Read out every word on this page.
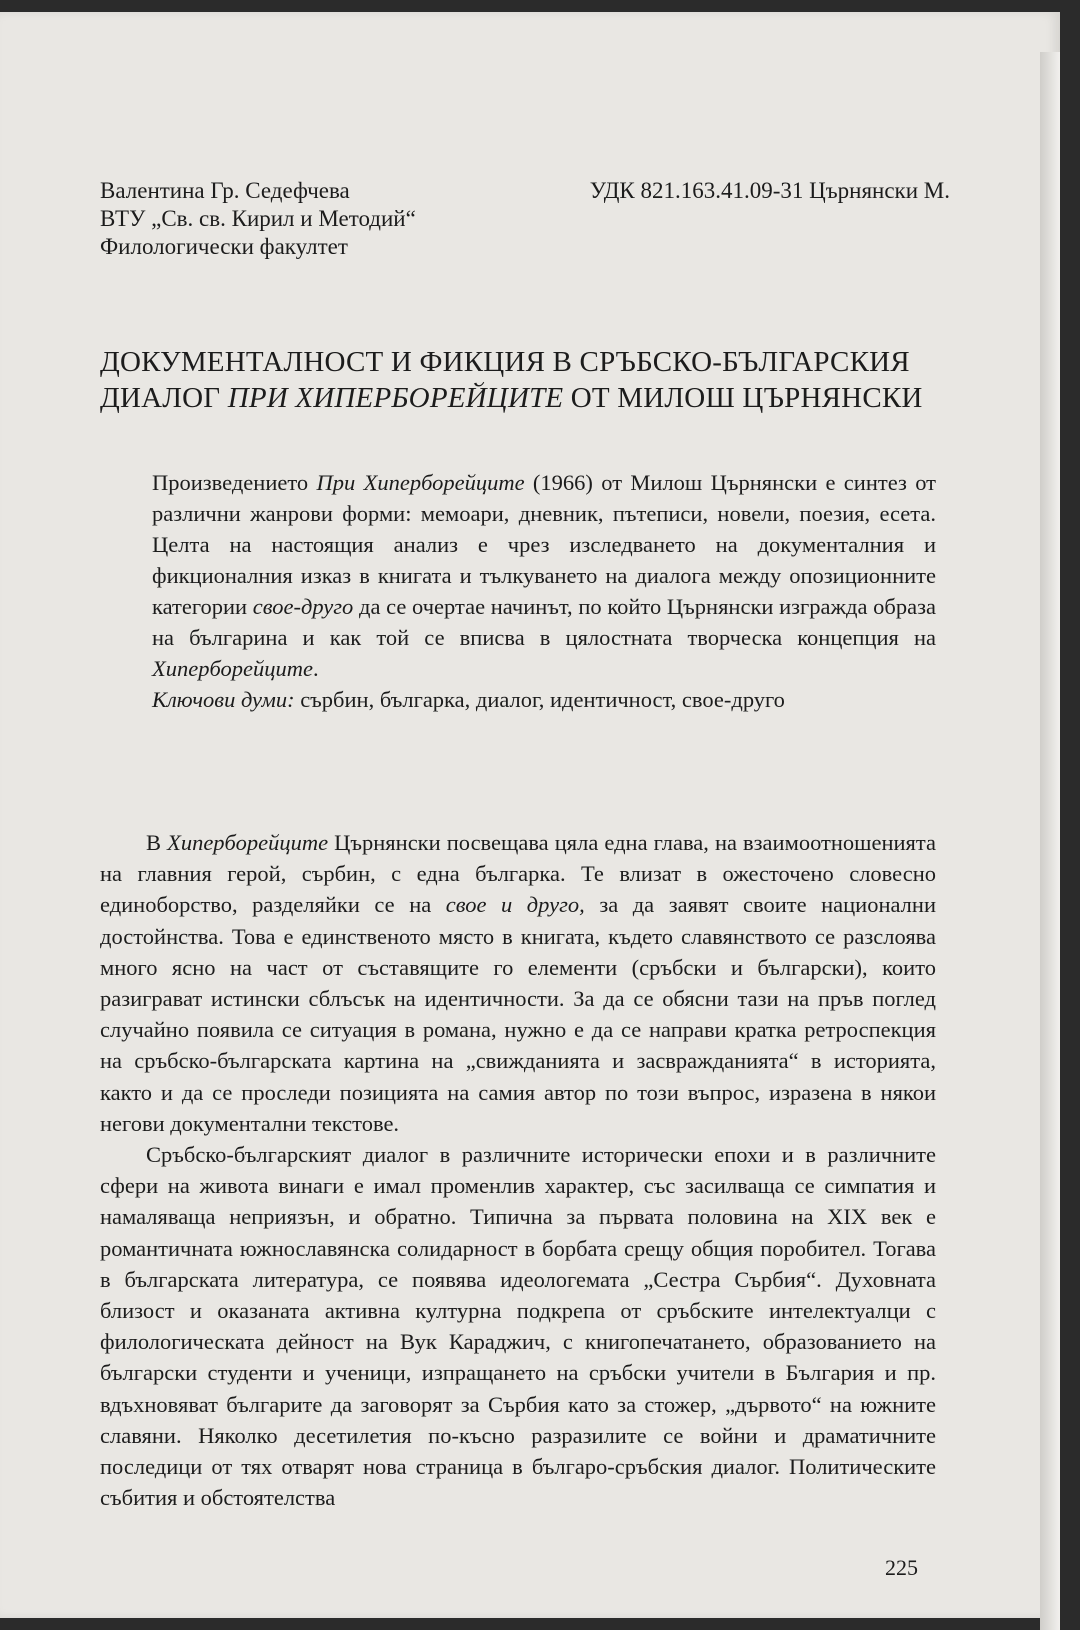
Валентина Гр. Седефчева
ВТУ „Св. св. Кирил и Методий“
Филологически факултет
УДК 821.163.41.09-31 Църнянски М.
ДОКУМЕНТАЛНОСТ И ФИКЦИЯ В СРЪБСКО-БЪЛГАРСКИЯ
ДИАЛОГ ПРИ ХИПЕРБОРЕЙЦИТЕ ОТ МИЛОШ ЦЪРНЯНСКИ

Произведението При Хиперборейците (1966) от Милош Църнянски е синтез от различни жанрови форми: мемоари, дневник, пътеписи, новели, поезия, есета. Целта на настоящия анализ е чрез изследването на документалния и фикционалния изказ в книгата и тълкуването на диалога между опозиционните категории свое-друго да се очертае начинът, по който Църнянски изгражда образа на българина и как той се вписва в цялостната творческа концепция на Хиперборейците.

Ключови думи: сърбин, българка, диалог, идентичност, свое-друго

В Хиперборейците Църнянски посвещава цяла една глава, на взаимоотношенията на главния герой, сърбин, с една българка. Те влизат в ожесточено словесно единоборство, разделяйки се на свое и друго, за да заявят своите национални достойнства. Това е единственото място в книгата, където славянството се разслоява много ясно на част от съставящите го елементи (сръбски и български), които разиграват истински сблъсък на идентичности. За да се обясни тази на пръв поглед случайно появила се ситуация в романа, нужно е да се направи кратка ретроспекция на сръбско-българската картина на „свижданията и засвражданията“ в историята, както и да се проследи позицията на самия автор по този въпрос, изразена в някои негови документални текстове.

Сръбско-българският диалог в различните исторически епохи и в различните сфери на живота винаги е имал променлив характер, със засилваща се симпатия и намаляваща неприязън, и обратно. Типична за първата половина на XIX век е романтичната южнославянска солидарност в борбата срещу общия поробител. Тогава в българската литература, се появява идеологемата „Сестра Сърбия“. Духовната близост и оказаната активна културна подкрепа от сръбските интелектуалци с филологическата дейност на Вук Караджич, с книгопечатането, образованието на български студенти и ученици, изпращането на сръбски учители в България и пр. вдъхновяват българите да заговорят за Сърбия като за стожер, „дървото“ на южните славяни. Няколко десетилетия по-късно разразилите се войни и драматичните последици от тях отварят нова страница в българо-сръбския диалог. Политическите събития и обстоятелства

225
